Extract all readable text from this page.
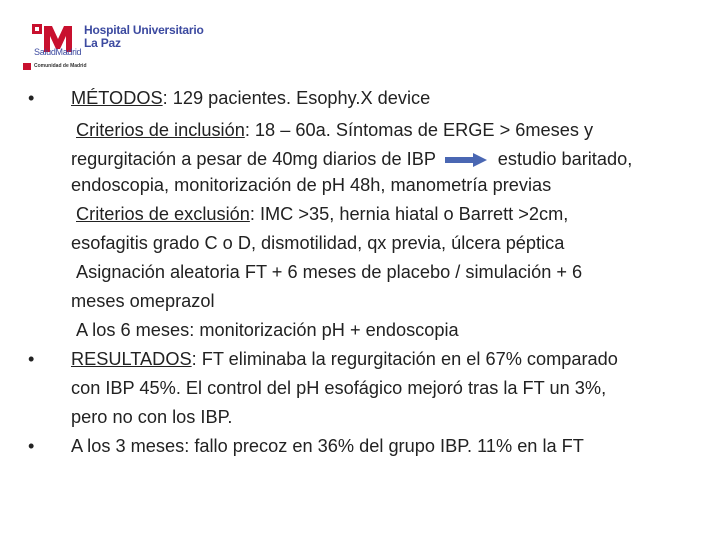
Hospital Universitario
La Paz
SaludMadrid
Comunidad de Madrid
• MÉTODOS: 129 pacientes. Esophy.X device
Criterios de inclusión: 18 – 60a. Síntomas de ERGE > 6meses y
regurgitación a pesar de 40mg diarios de IBP	estudio baritado,
endoscopia, monitorización de pH 48h, manometría previas
Criterios de exclusión: IMC >35, hernia hiatal o Barrett >2cm,
esofagitis grado C o D, dismotilidad, qx previa, úlcera péptica
Asignación aleatoria FT + 6 meses de placebo / simulación + 6
meses omeprazol
A los 6 meses: monitorización pH + endoscopia
• RESULTADOS: FT eliminaba la regurgitación en el 67% comparado
con IBP 45%. El control del pH esofágico mejoró tras la FT un 3%,
pero no con los IBP.
• A los 3 meses: fallo precoz en 36% del grupo IBP. 11% en la FT
